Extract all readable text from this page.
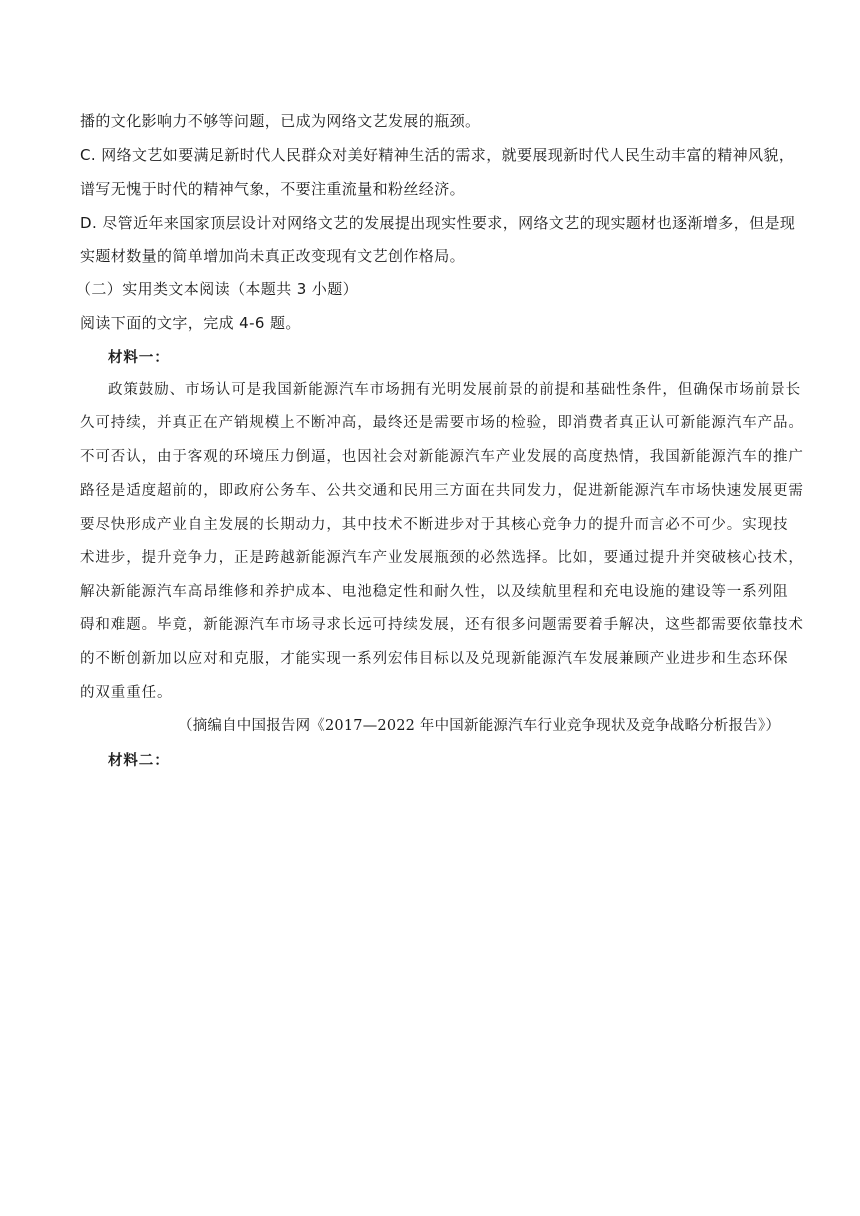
播的文化影响力不够等问题，已成为网络文艺发展的瓶颈。
C. 网络文艺如要满足新时代人民群众对美好精神生活的需求，就要展现新时代人民生动丰富的精神风貌，
谱写无愧于时代的精神气象，不要注重流量和粉丝经济。
D. 尽管近年来国家顶层设计对网络文艺的发展提出现实性要求，网络文艺的现实题材也逐渐增多，但是现
实题材数量的简单增加尚未真正改变现有文艺创作格局。
（二）实用类文本阅读（本题共 3 小题）
阅读下面的文字，完成 4-6 题。
材料一：
政策鼓励、市场认可是我国新能源汽车市场拥有光明发展前景的前提和基础性条件，但确保市场前景长
久可持续，并真正在产销规模上不断冲高，最终还是需要市场的检验，即消费者真正认可新能源汽车产品。
不可否认，由于客观的环境压力倒逼，也因社会对新能源汽车产业发展的高度热情，我国新能源汽车的推广
路径是适度超前的，即政府公务车、公共交通和民用三方面在共同发力，促进新能源汽车市场快速发展更需
要尽快形成产业自主发展的长期动力，其中技术不断进步对于其核心竞争力的提升而言必不可少。实现技
术进步，提升竞争力，正是跨越新能源汽车产业发展瓶颈的必然选择。比如，要通过提升并突破核心技术，
解决新能源汽车高昂维修和养护成本、电池稳定性和耐久性，以及续航里程和充电设施的建设等一系列阻
碍和难题。毕竟，新能源汽车市场寻求长远可持续发展，还有很多问题需要着手解决，这些都需要依靠技术
的不断创新加以应对和克服，才能实现一系列宏伟目标以及兑现新能源汽车发展兼顾产业进步和生态环保
的双重重任。
（摘编自中国报告网《2017—2022 年中国新能源汽车行业竞争现状及竞争战略分析报告》）
材料二：
